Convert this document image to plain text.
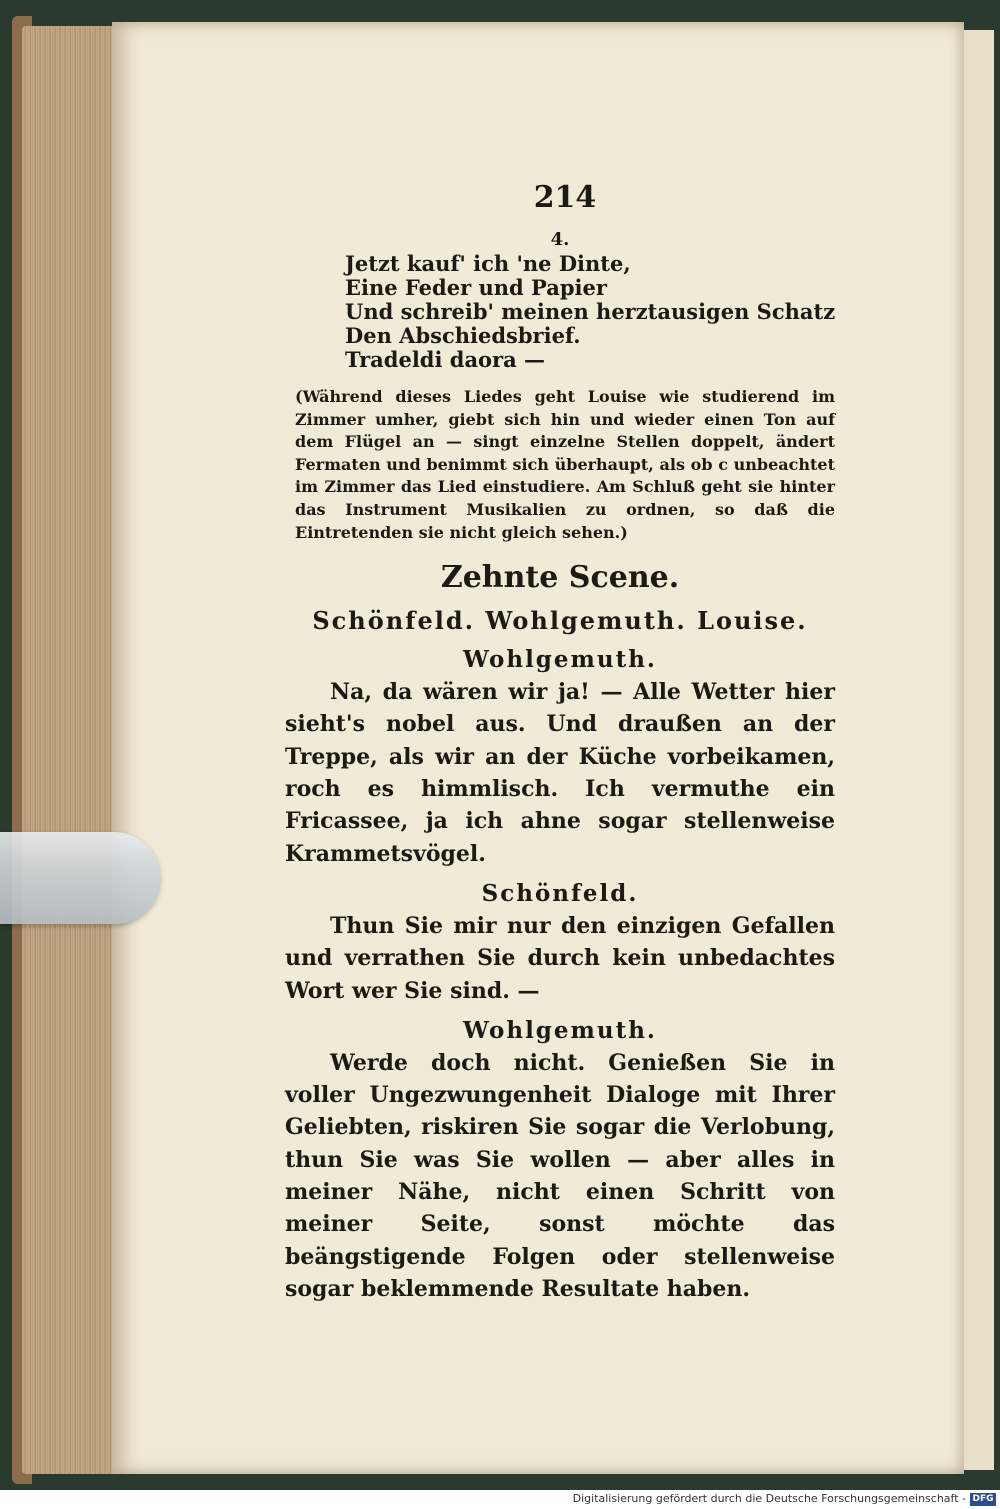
214
4.
Jetzt kauf' ich 'ne Dinte,
Eine Feder und Papier
Und schreib' meinen herztausigen Schatz
Den Abschiedsbrief.
Tradeldi daora —
(Während dieses Liedes geht Louise wie studierend im Zimmer umher, giebt sich hin und wieder einen Ton auf dem Flügel an — singt einzelne Stellen doppelt, ändert Fermaten und benimmt sich überhaupt, als ob c unbeachtet im Zimmer das Lied einstudiere. Am Schluß geht sie hinter das Instrument Musikalien zu ordnen, so daß die Eintretenden sie nicht gleich sehen.)
Zehnte Scene.
Schönfeld. Wohlgemuth. Louise.
Wohlgemuth.

Na, da wären wir ja! — Alle Wetter hier sieht's nobel aus. Und draußen an der Treppe, als wir an der Küche vorbeikamen, roch es himmlisch. Ich vermuthe ein Fricassee, ja ich ahne sogar stellenweise Krammetsvögel.

Schönfeld.

Thun Sie mir nur den einzigen Gefallen und verrathen Sie durch kein unbedachtes Wort wer Sie sind. —

Wohlgemuth.

Werde doch nicht. Genießen Sie in voller Ungezwungenheit Dialoge mit Ihrer Geliebten, riskiren Sie sogar die Verlobung, thun Sie was Sie wollen — aber alles in meiner Nähe, nicht einen Schritt von meiner Seite, sonst möchte das beängstigende Folgen oder stellenweise sogar beklemmende Resultate haben.

Digitalisierung gefördert durch die Deutsche Forschungsgemeinschaft - DFG
